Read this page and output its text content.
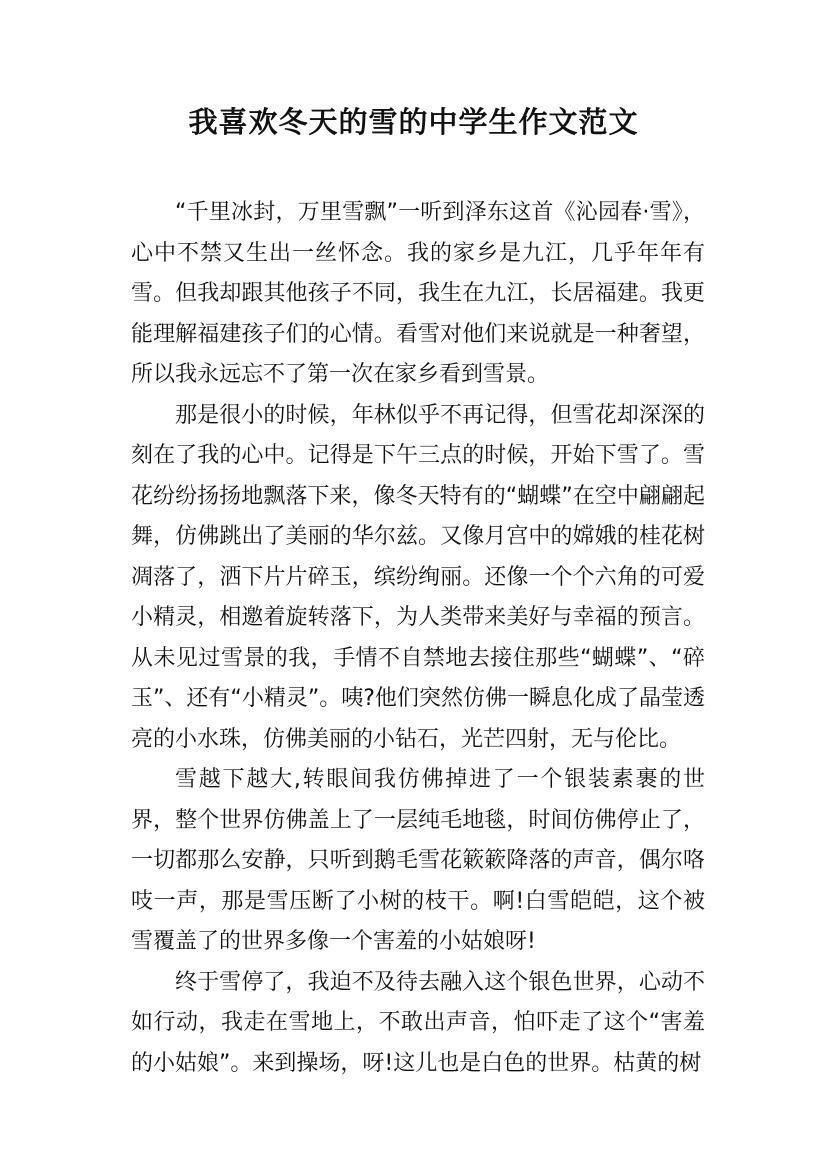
我喜欢冬天的雪的中学生作文范文

“千里冰封，万里雪飘”一听到泽东这首《沁园春·雪》，心中不禁又生出一丝怀念。我的家乡是九江，几乎年年有雪。但我却跟其他孩子不同，我生在九江，长居福建。我更能理解福建孩子们的心情。看雪对他们来说就是一种奢望，所以我永远忘不了第一次在家乡看到雪景。

那是很小的时候，年林似乎不再记得，但雪花却深深的刻在了我的心中。记得是下午三点的时候，开始下雪了。雪花纷纷扬扬地飘落下来，像冬天特有的“蝴蝶”在空中翩翩起舞，仿佛跳出了美丽的华尔兹。又像月宫中的嫦娥的桂花树凋落了，洒下片片碎玉，缤纷绚丽。还像一个个六角的可爱小精灵，相邀着旋转落下，为人类带来美好与幸福的预言。从未见过雪景的我，手情不自禁地去接住那些“蝴蝶”、“碎玉”、还有“小精灵”。咦?他们突然仿佛一瞬息化成了晶莹透亮的小水珠，仿佛美丽的小钻石，光芒四射，无与伦比。

雪越下越大,转眼间我仿佛掉进了一个银装素裹的世界，整个世界仿佛盖上了一层纯毛地毯，时间仿佛停止了，一切都那么安静，只听到鹅毛雪花簌簌降落的声音，偶尔咯吱一声，那是雪压断了小树的枝干。啊!白雪皑皑，这个被雪覆盖了的世界多像一个害羞的小姑娘呀!

终于雪停了，我迫不及待去融入这个银色世界，心动不如行动，我走在雪地上，不敢出声音，怕吓走了这个“害羞的小姑娘”。来到操场，呀!这儿也是白色的世界。枯黄的树
